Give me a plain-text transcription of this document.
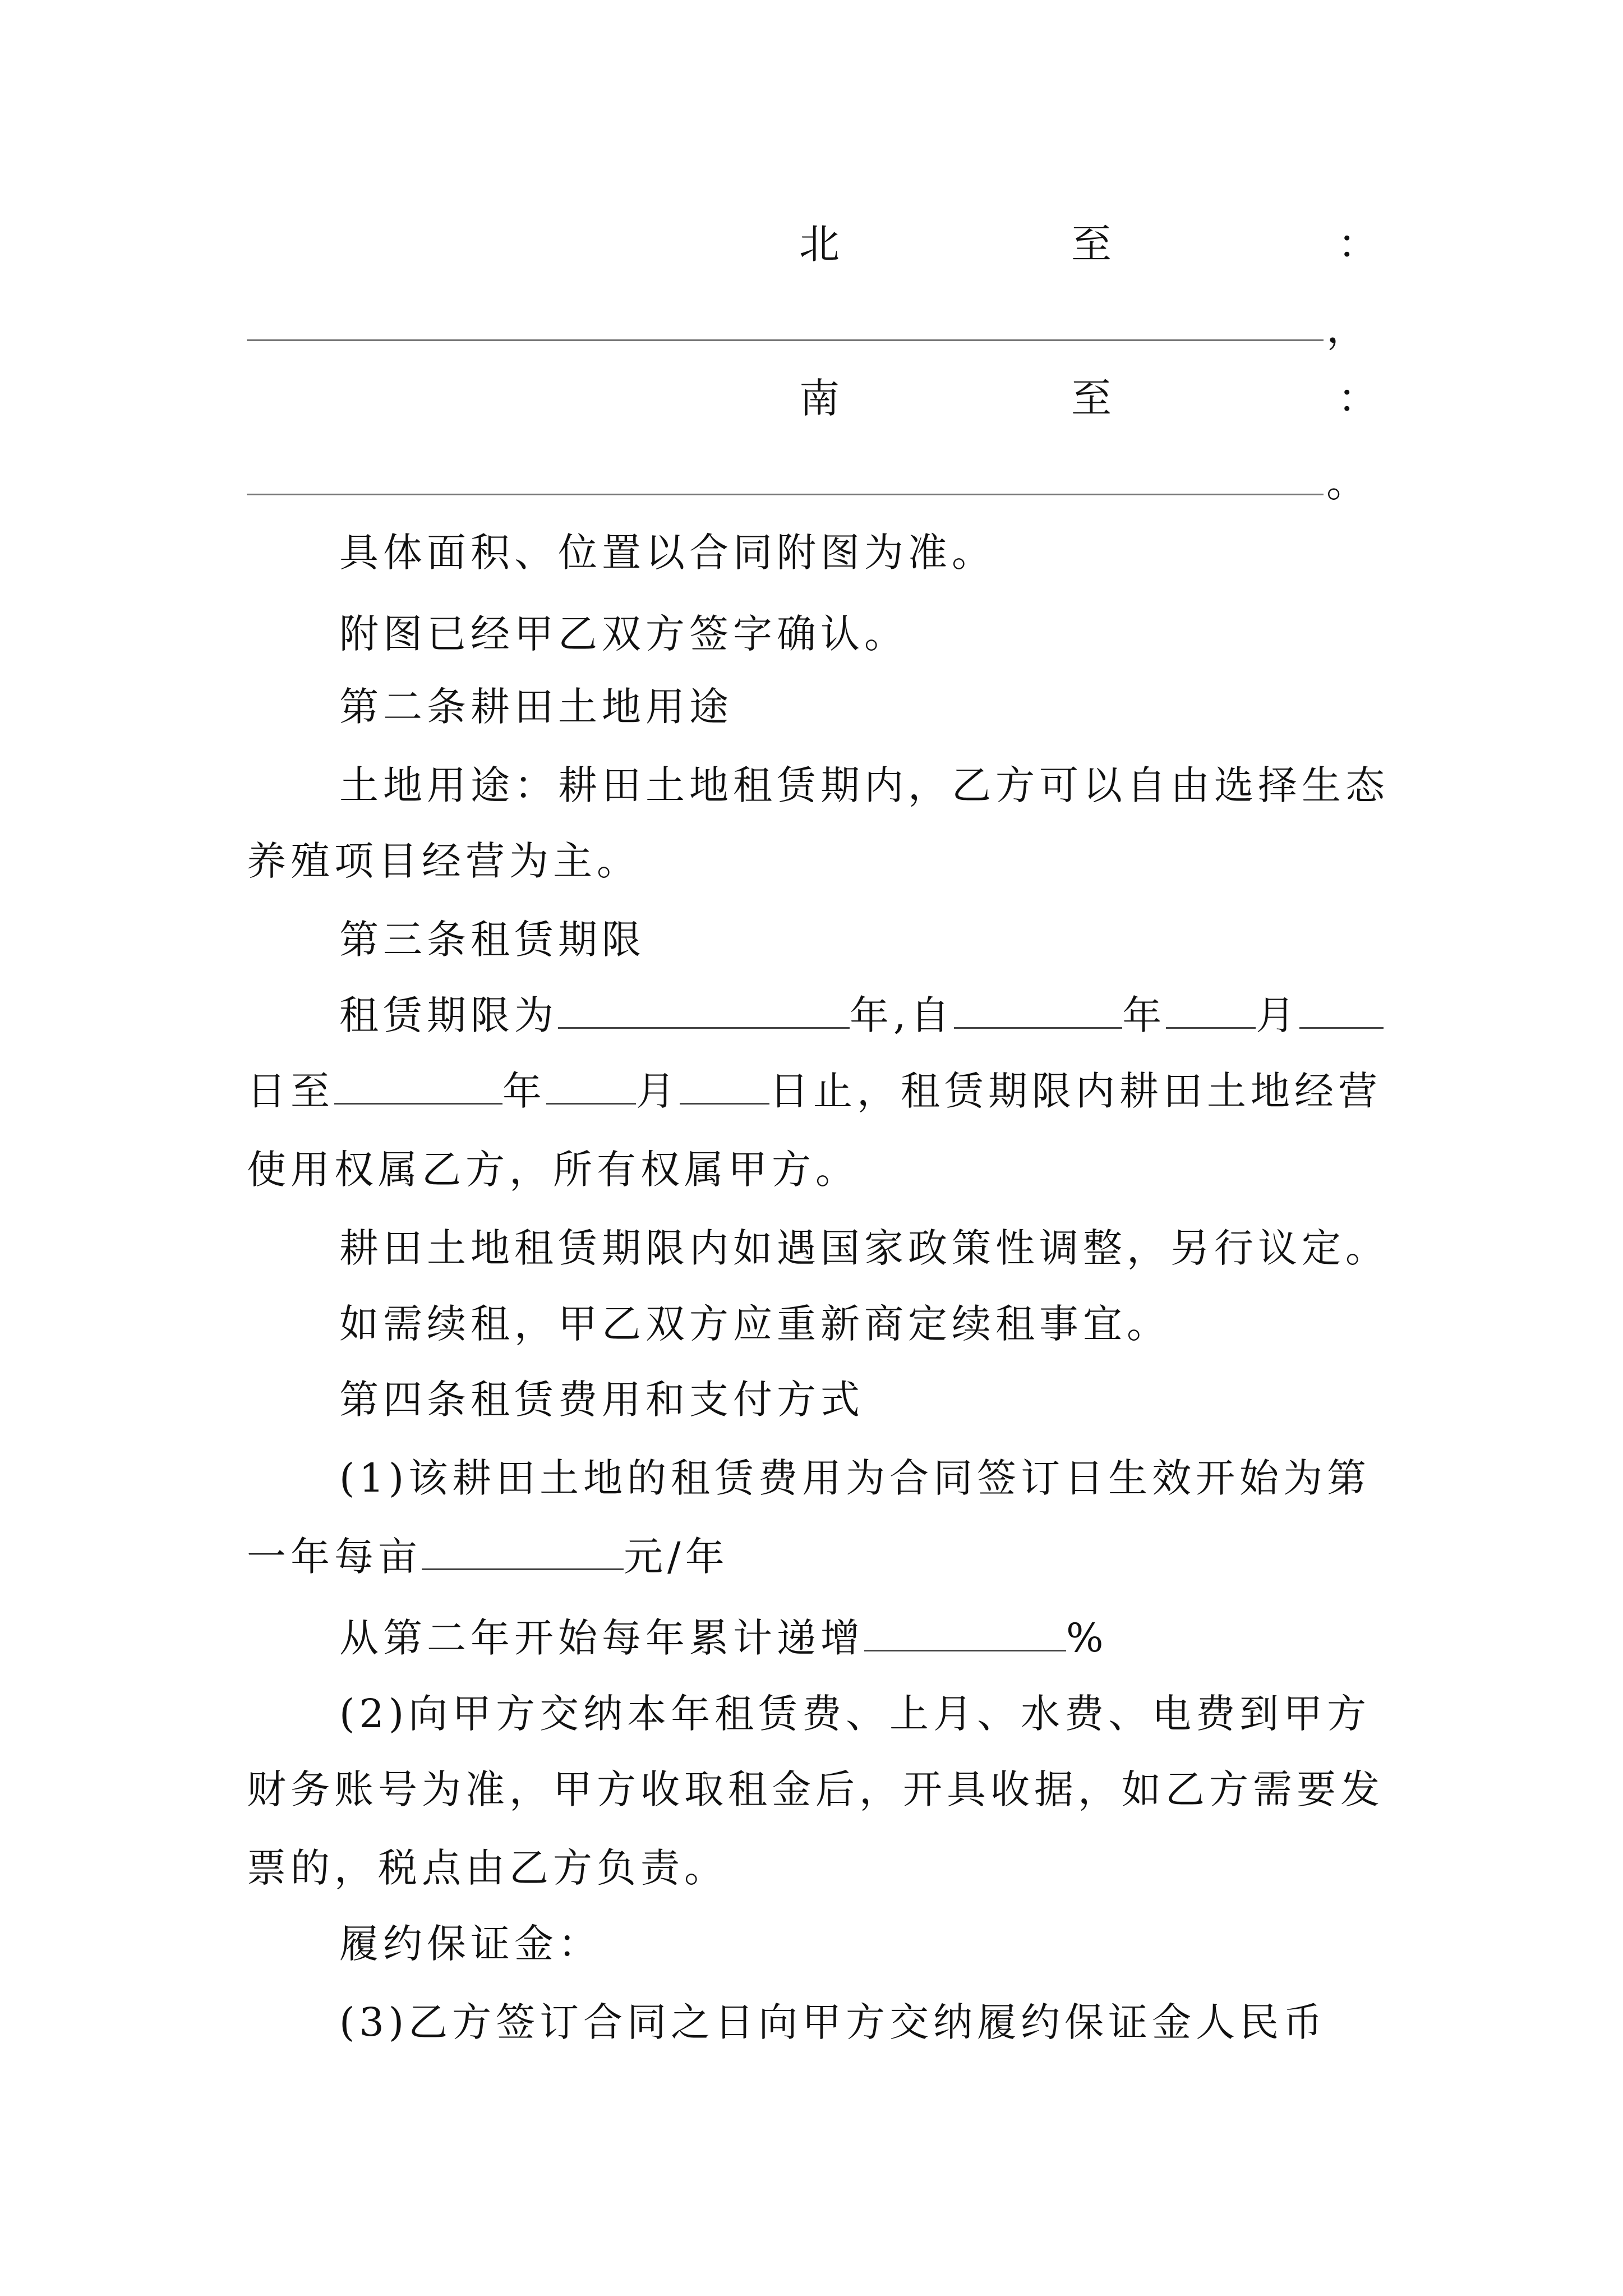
北	至	：
，
南	至	：
。
具体面积、位置以合同附图为准。
附图已经甲乙双方签字确认。
第二条耕田土地用途
土地用途：耕田土地租赁期内，乙方可以自由选择生态
养殖项目经营为主。
第三条租赁期限
租赁期限为	年,自	年 月
日至	年 月 日止，租赁期限内耕田土地经营
使用权属乙方，所有权属甲方。
耕田土地租赁期限内如遇国家政策性调整，另行议定。
如需续租，甲乙双方应重新商定续租事宜。
第四条租赁费用和支付方式
(1)该耕田土地的租赁费用为合同签订日生效开始为第
一年每亩	元/年
从第二年开始每年累计递增	%
(2)向甲方交纳本年租赁费、上月、水费、电费到甲方
财务账号为准，甲方收取租金后，开具收据，如乙方需要发
票的，税点由乙方负责。
履约保证金：
(3)乙方签订合同之日向甲方交纳履约保证金人民币
